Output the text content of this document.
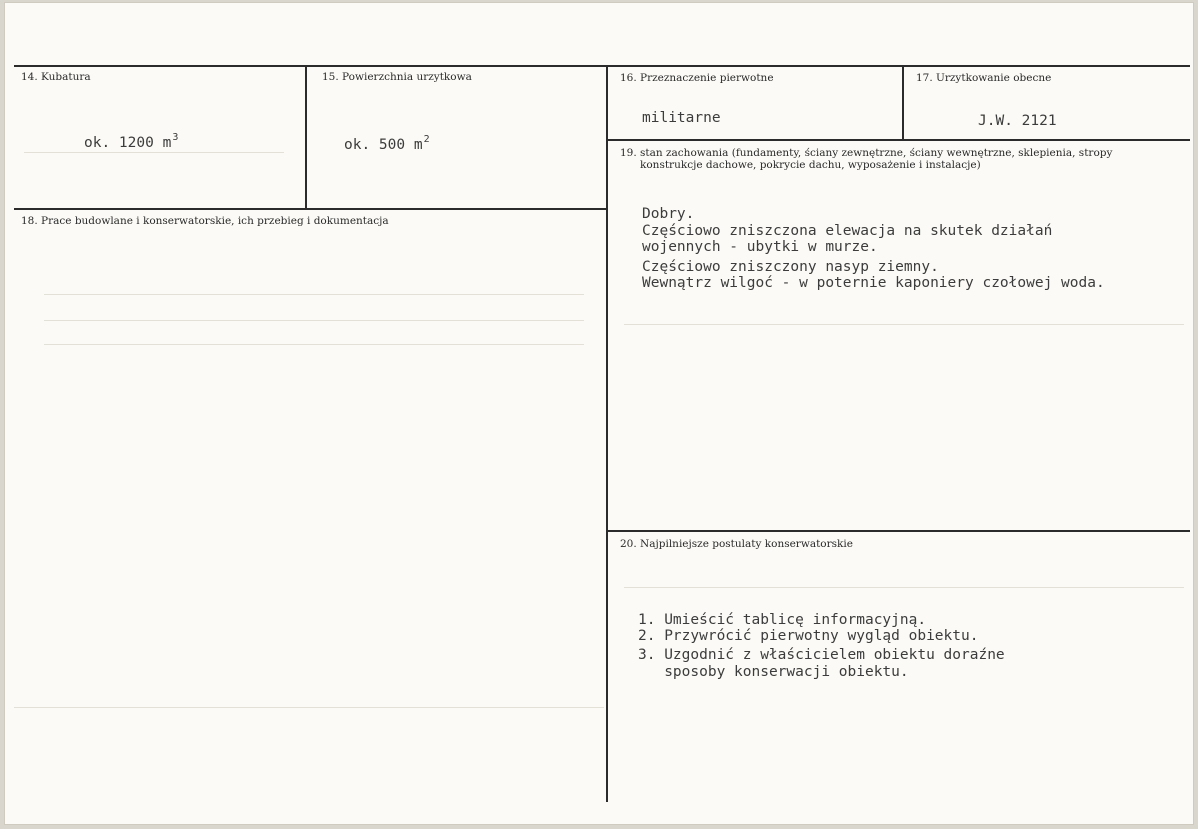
14. Kubatura
ok. 1200 $m^3$
15. Powierzchnia urzytkowa
ok. 500 $m^2$
16. Przeznaczenie pierwotne
militarne
17. Urzytkowanie obecne
J.W. 2121
18. Prace budowlane i konserwatorskie, ich przebieg i dokumentacja
19. stan zachowania (fundamenty, ściany zewnętrzne, ściany wewnętrzne, sklepienia, stropy
konstrukcje dachowe, pokrycie dachu, wyposażenie i instalacje)
Dobry.
Częściowo zniszczona elewacja na skutek działań
wojennych - ubytki w murze.
Częściowo zniszczony nasyp ziemny.
Wewnątrz wilgoć - w poternie kaponiery czołowej woda.
20. Najpilniejsze postulaty konserwatorskie
1. Umieścić tablicę informacyjną.
2. Przywrócić pierwotny wygląd obiektu.
3. Uzgodnić z właścicielem obiektu doraźne
sposoby konserwacji obiektu.
